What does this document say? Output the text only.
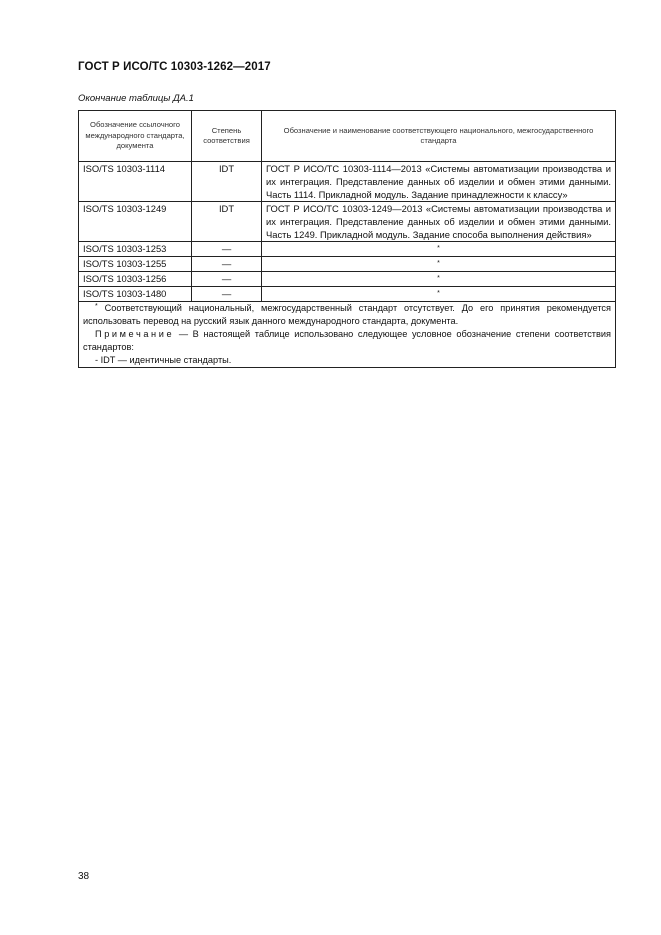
ГОСТ Р ИСО/ТС 10303-1262—2017
Окончание таблицы ДА.1
Обозначение ссылочного международного стандарта, документа	Степень соответствия	Обозначение и наименование соответствующего национального, межгосударственного стандарта
ISO/TS 10303-1114	IDT	ГОСТ Р ИСО/ТС 10303-1114—2013 «Системы автоматизации производства и их интеграция. Представление данных об изделии и обмен этими данными. Часть 1114. Прикладной модуль. Задание принадлежности к классу»
ISO/TS 10303-1249	IDT	ГОСТ Р ИСО/ТС 10303-1249—2013 «Системы автоматизации производства и их интеграция. Представление данных об изделии и обмен этими данными. Часть 1249. Прикладной модуль. Задание способа выполнения действия»
ISO/TS 10303-1253	—	*
ISO/TS 10303-1255	—	*
ISO/TS 10303-1256	—	*
ISO/TS 10303-1480	—	*

* Соответствующий национальный, межгосударственный стандарт отсутствует. До его принятия рекомендуется использовать перевод на русский язык данного международного стандарта, документа.
Примечание — В настоящей таблице использовано следующее условное обозначение степени соответствия стандартов:
- IDT — идентичные стандарты.		
38
